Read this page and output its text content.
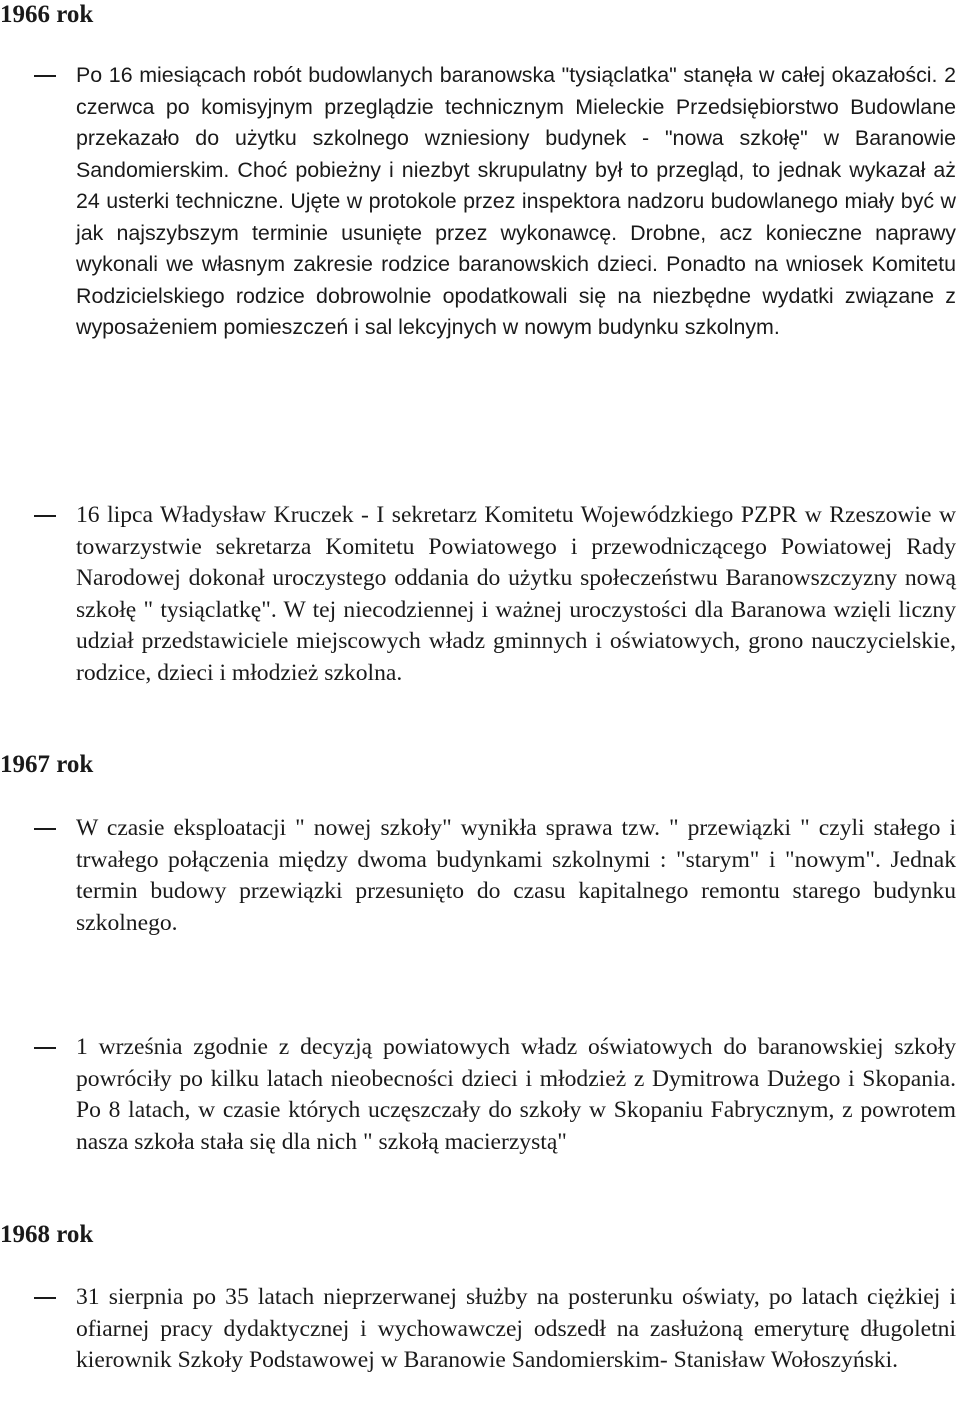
1966 rok

Po 16 miesiącach robót budowlanych baranowska "tysiąclatka" stanęła w całej okazałości. 2 czerwca po komisyjnym przeglądzie technicznym Mieleckie Przedsiębiorstwo Budowlane przekazało do użytku szkolnego wzniesiony budynek - "nowa szkołę" w Baranowie Sandomierskim. Choć pobieżny i niezbyt skrupulatny był to przegląd, to jednak wykazał aż 24 usterki techniczne. Ujęte w protokole przez inspektora nadzoru budowlanego miały być w jak najszybszym terminie usunięte przez wykonawcę. Drobne, acz konieczne naprawy wykonali we własnym zakresie rodzice baranowskich dzieci. Ponadto na wniosek Komitetu Rodzicielskiego rodzice dobrowolnie opodatkowali się na niezbędne wydatki związane z wyposażeniem pomieszczeń i sal lekcyjnych w nowym budynku szkolnym.

16 lipca Władysław Kruczek - I sekretarz Komitetu Wojewódzkiego PZPR w Rzeszowie w towarzystwie sekretarza Komitetu Powiatowego i przewodniczącego Powiatowej Rady Narodowej dokonał uroczystego oddania do użytku społeczeństwu Baranowszczyzny nową szkołę " tysiąclatkę". W tej niecodziennej i ważnej uroczystości dla Baranowa wzięli liczny udział przedstawiciele miejscowych władz gminnych i oświatowych, grono nauczycielskie, rodzice, dzieci i młodzież szkolna.

1967 rok

W czasie eksploatacji " nowej szkoły" wynikła sprawa tzw. " przewiązki " czyli stałego i trwałego połączenia między dwoma budynkami szkolnymi : "starym" i "nowym". Jednak termin budowy przewiązki przesunięto do czasu kapitalnego remontu starego budynku szkolnego.

1 września zgodnie z decyzją powiatowych władz oświatowych do baranowskiej szkoły powróciły po kilku latach nieobecności dzieci i młodzież z Dymitrowa Dużego i Skopania. Po 8 latach, w czasie których uczęszczały do szkoły w Skopaniu Fabrycznym, z powrotem nasza szkoła stała się dla nich " szkołą macierzystą"

1968 rok

31 sierpnia po 35 latach nieprzerwanej służby na posterunku oświaty, po latach ciężkiej i ofiarnej pracy dydaktycznej i wychowawczej odszedł na zasłużoną emeryturę długoletni kierownik Szkoły Podstawowej w Baranowie Sandomierskim- Stanisław Wołoszyński.
